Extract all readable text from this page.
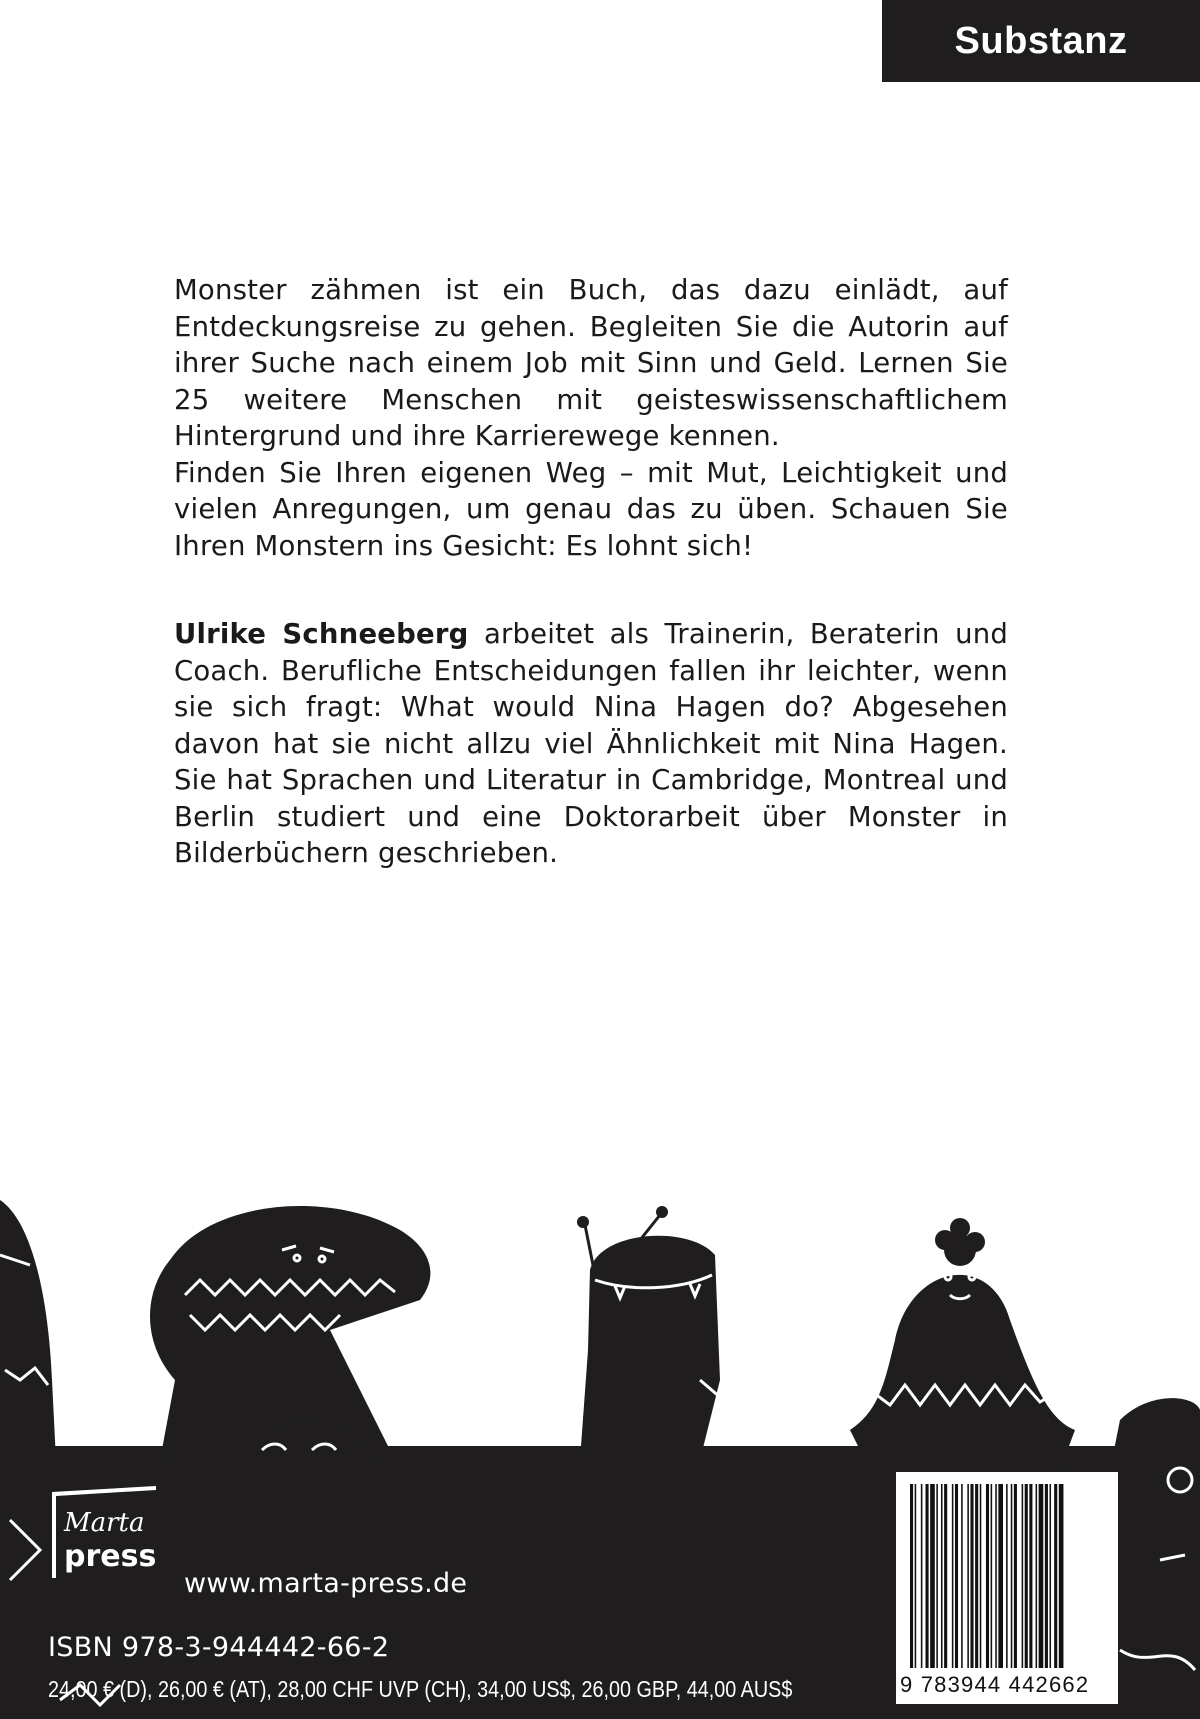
Substanz

Monster zähmen ist ein Buch, das dazu einlädt, auf Entdeckungsreise zu gehen. Begleiten Sie die Autorin auf ihrer Suche nach einem Job mit Sinn und Geld. Lernen Sie 25 weitere Menschen mit geisteswissenschaftlichem Hintergrund und ihre Karrierewege kennen.

Finden Sie Ihren eigenen Weg – mit Mut, Leichtigkeit und vielen Anregungen, um genau das zu üben. Schauen Sie Ihren Monstern ins Gesicht: Es lohnt sich!

Ulrike Schneeberg arbeitet als Trainerin, Beraterin und Coach. Berufliche Entscheidungen fallen ihr leichter, wenn sie sich fragt: What would Nina Hagen do? Abgesehen davon hat sie nicht allzu viel Ähnlichkeit mit Nina Hagen. Sie hat Sprachen und Literatur in Cambridge, Montreal und Berlin studiert und eine Doktorarbeit über Monster in Bilderbüchern geschrieben.
Marta
press
www.marta-press.de
ISBN 978-3-944442-66-2
24,00 € (D), 26,00 € (AT), 28,00 CHF UVP (CH), 34,00 US$, 26,00 GBP, 44,00 AUS$	9 783944 442662
